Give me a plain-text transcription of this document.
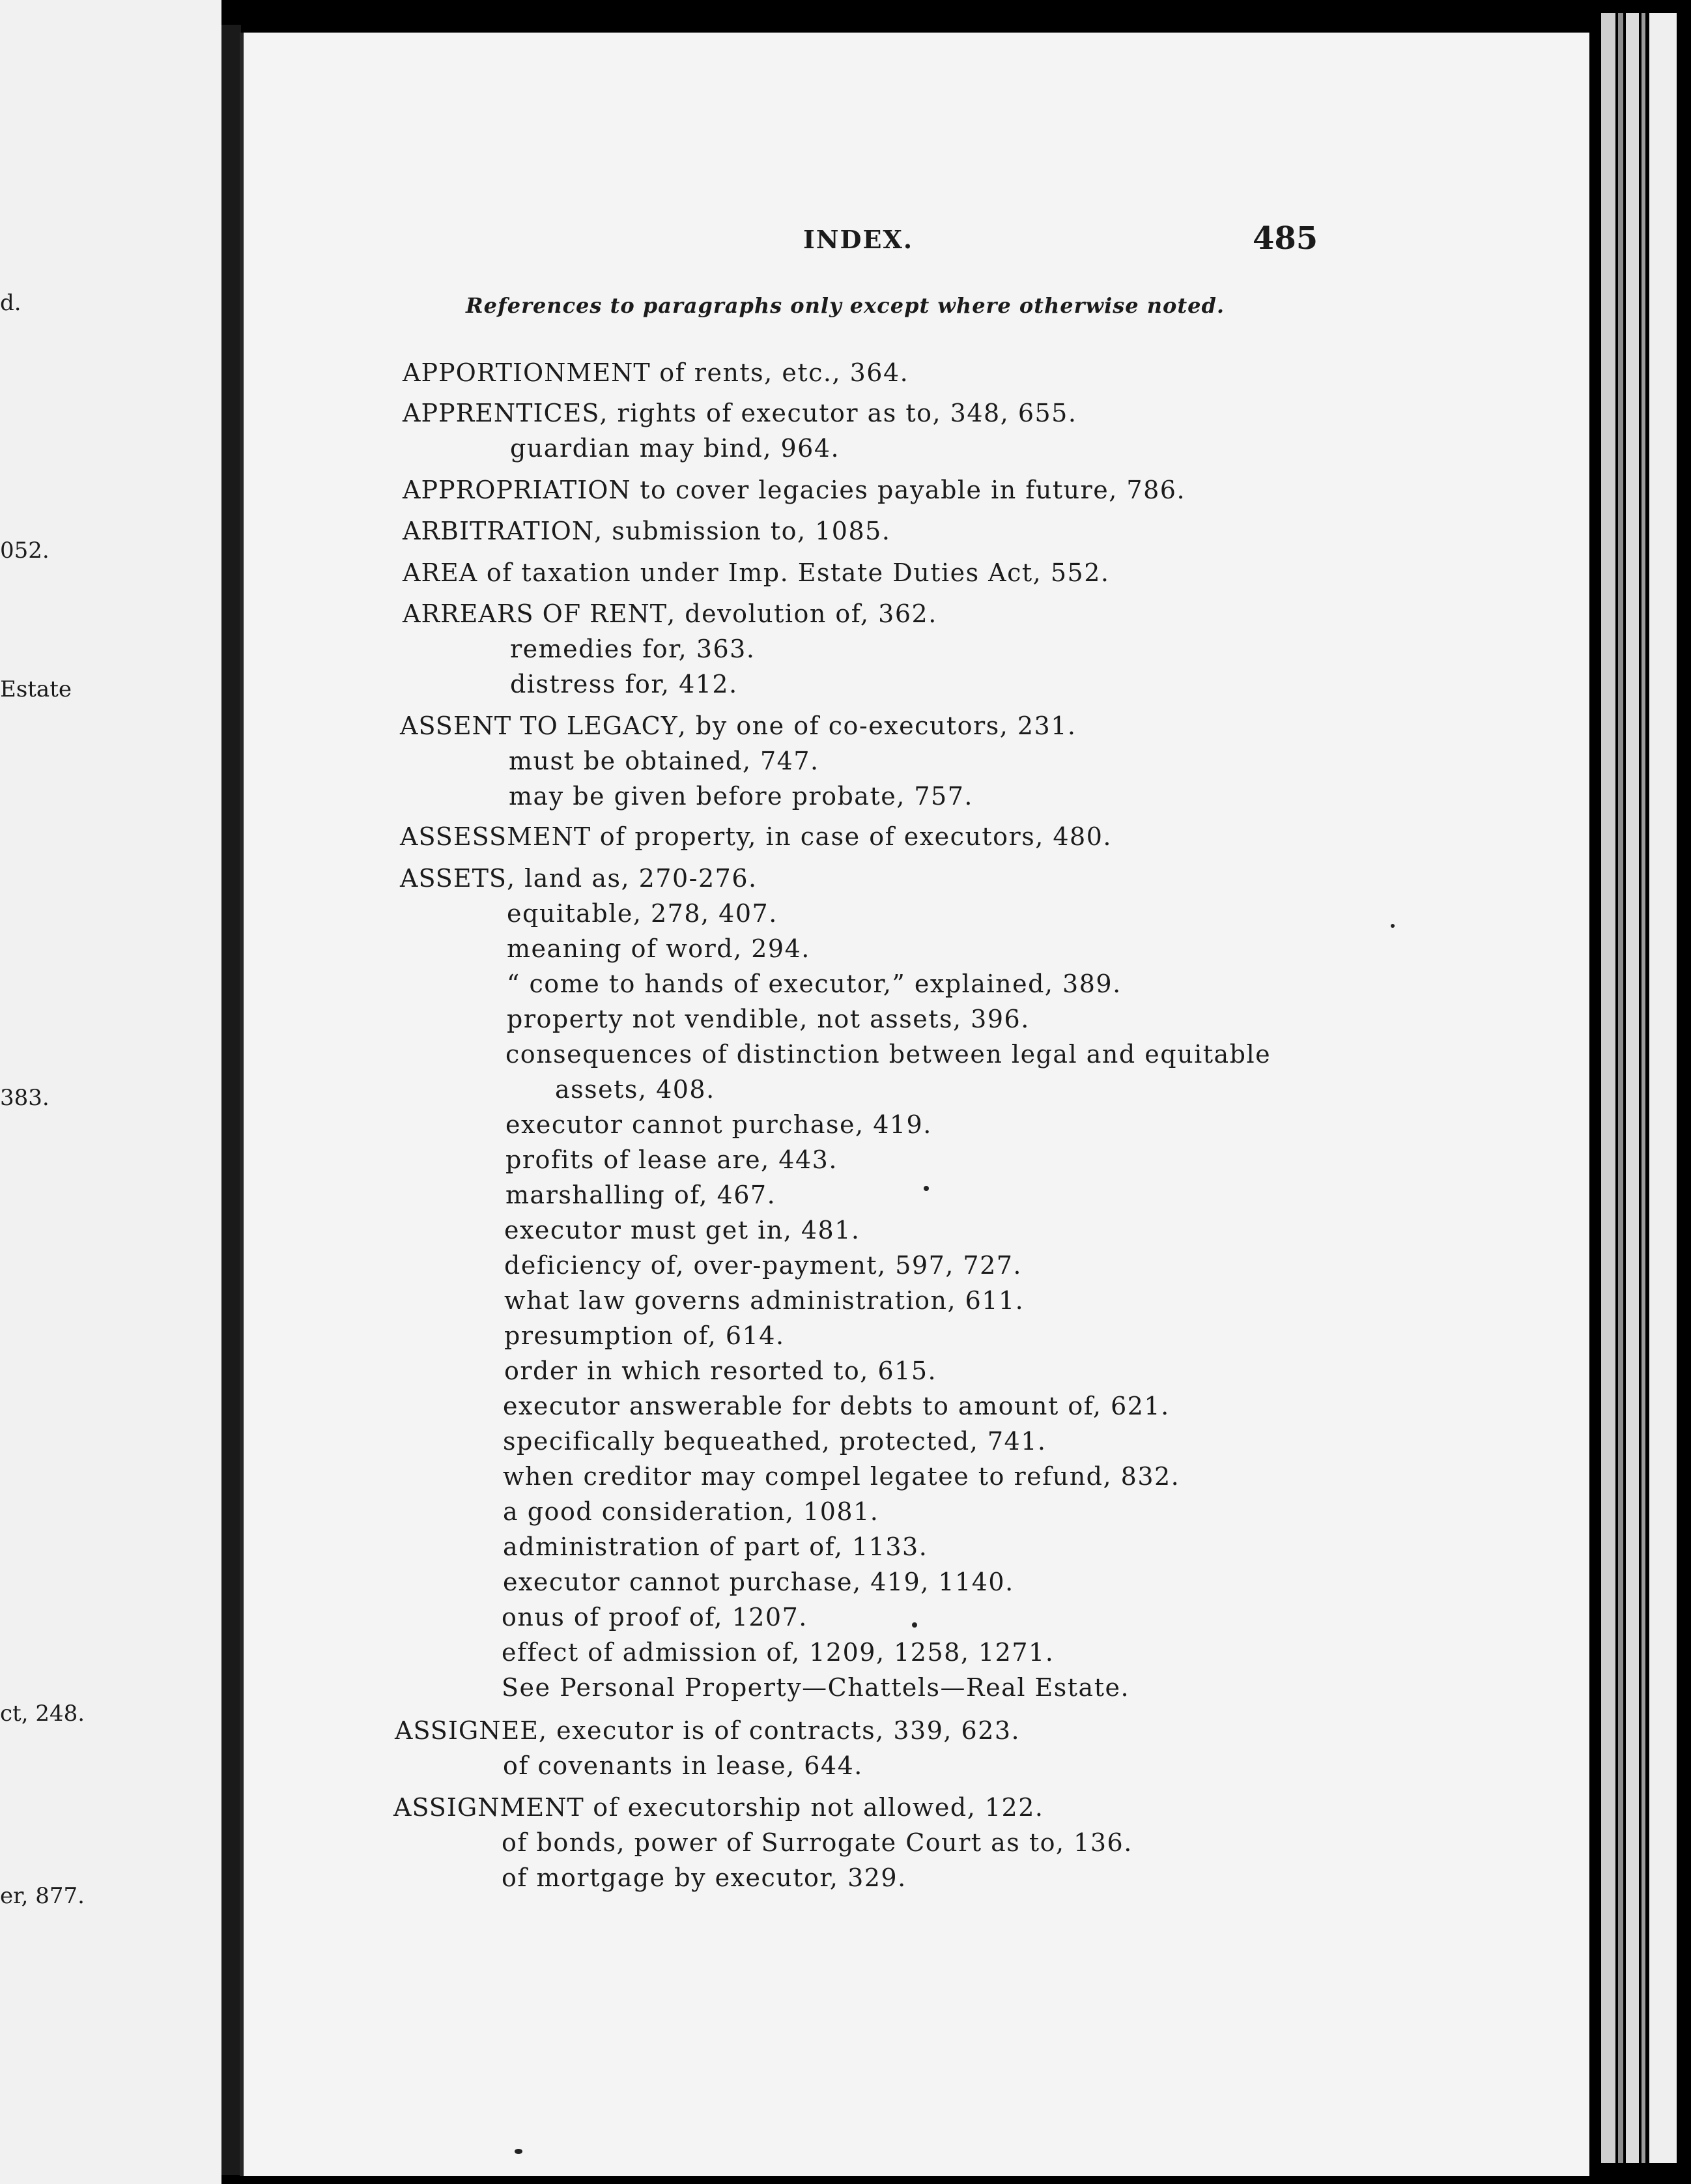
d.
052.
Estate
383.
ct, 248.
er, 877.
INDEX.	485
References to paragraphs only except where otherwise noted.
APPORTIONMENT of rents, etc., 364.
APPRENTICES, rights of executor as to, 348, 655.
guardian may bind, 964.
APPROPRIATION to cover legacies payable in future, 786.
ARBITRATION, submission to, 1085.
AREA of taxation under Imp. Estate Duties Act, 552.
ARREARS OF RENT, devolution of, 362.
remedies for, 363.
distress for, 412.
ASSENT TO LEGACY, by one of co-executors, 231.
must be obtained, 747.
may be given before probate, 757.
ASSESSMENT of property, in case of executors, 480.
ASSETS, land as, 270-276.
equitable, 278, 407.
meaning of word, 294.
“ come to hands of executor,” explained, 389.
property not vendible, not assets, 396.
consequences of distinction between legal and equitable
assets, 408.
executor cannot purchase, 419.
profits of lease are, 443.
marshalling of, 467.
executor must get in, 481.
deficiency of, over-payment, 597, 727.
what law governs administration, 611.
presumption of, 614.
order in which resorted to, 615.
executor answerable for debts to amount of, 621.
specifically bequeathed, protected, 741.
when creditor may compel legatee to refund, 832.
a good consideration, 1081.
administration of part of, 1133.
executor cannot purchase, 419, 1140.
onus of proof of, 1207.
effect of admission of, 1209, 1258, 1271.
See Personal Property—Chattels—Real Estate.
ASSIGNEE, executor is of contracts, 339, 623.
of covenants in lease, 644.
ASSIGNMENT of executorship not allowed, 122.
of bonds, power of Surrogate Court as to, 136.
of mortgage by executor, 329.
